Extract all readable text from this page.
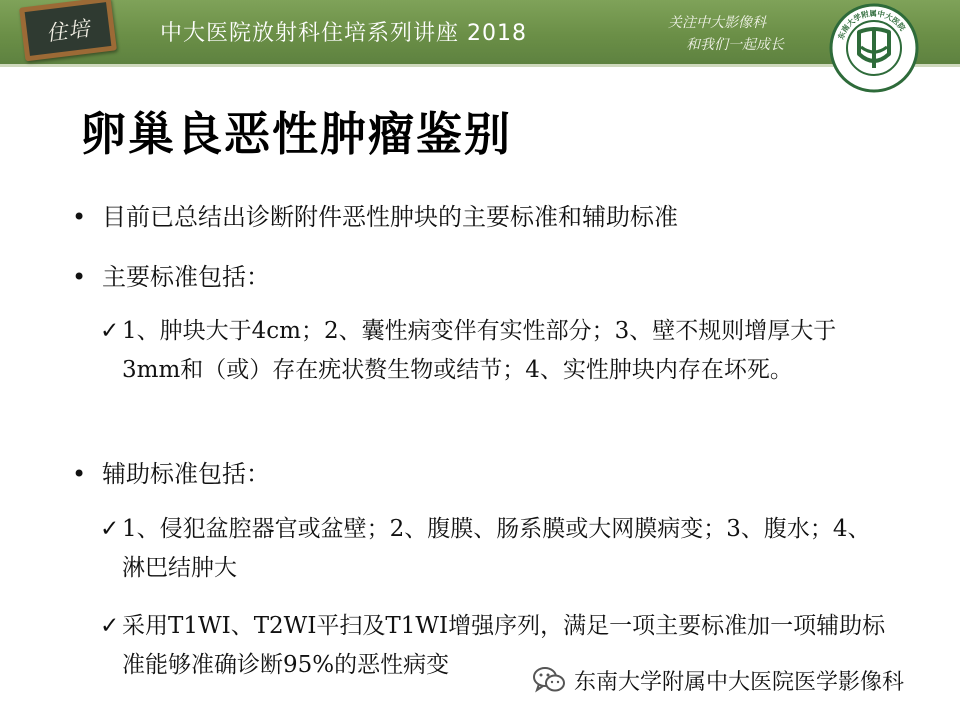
住培	中大医院放射科住培系列讲座 2018	关注中大影像科
和我们一起成长
东南大学附属中大医院
卵巢良恶性肿瘤鉴别
• 目前已总结出诊断附件恶性肿块的主要标准和辅助标准
• 主要标准包括：
✓ 1、肿块大于4cm；2、囊性病变伴有实性部分；3、壁不规则增厚大于3mm和（或）存在疣状赘生物或结节；4、实性肿块内存在坏死。
• 辅助标准包括：
✓ 1、侵犯盆腔器官或盆壁；2、腹膜、肠系膜或大网膜病变；3、腹水；4、淋巴结肿大
✓ 采用T1WI、T2WI平扫及T1WI增强序列，满足一项主要标准加一项辅助标准能够准确诊断95%的恶性病变
东南大学附属中大医院医学影像科
